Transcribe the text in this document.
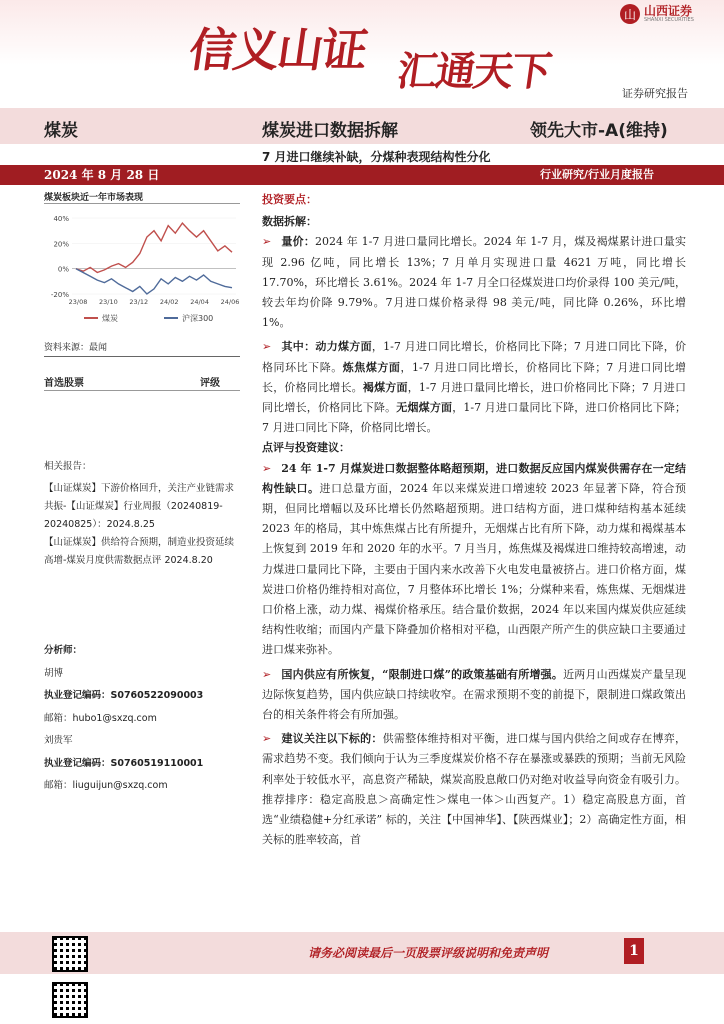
信义山证 汇通天下
山 山西证券
SHANXI SECURITIES
证券研究报告
煤炭	煤炭进口数据拆解	领先大市-A(维持)
7 月进口继续补缺，分煤种表现结构性分化
2024 年 8 月 28 日	行业研究/行业月度报告
煤炭板块近一年市场表现
40%
20%
0%
-20%
23/08 23/10 23/12 24/02 24/04 24/06
煤炭	沪深300
资料来源：最闻
首选股票	评级
相关报告：
【山证煤炭】下游价格回升，关注产业链需求共振-【山证煤炭】行业周报（20240819-20240825）：2024.8.25
【山证煤炭】供给符合预期，制造业投资延续高增-煤炭月度供需数据点评 2024.8.20
分析师：
胡博
执业登记编码：S0760522090003
邮箱：hubo1@sxzq.com
刘贵军
执业登记编码：S0760519110001
邮箱：liuguijun@sxzq.com

投资要点：

数据拆解：

➢ 量价：2024 年 1-7 月进口量同比增长。2024 年 1-7 月，煤及褐煤累计进口量实现 2.96 亿吨，同比增长 13%；7 月单月实现进口量 4621 万吨，同比增长 17.70%，环比增长 3.61%。2024 年 1-7 月全口径煤炭进口均价录得 100 美元/吨，较去年均价降 9.79%。7月进口煤价格录得 98 美元/吨，同比降 0.26%，环比增 1%。

➢ 其中：动力煤方面，1-7 月进口同比增长，价格同比下降；7 月进口同比下降，价格同环比下降。炼焦煤方面，1-7 月进口同比增长，价格同比下降；7 月进口同比增长，价格同比增长。褐煤方面，1-7 月进口量同比增长，进口价格同比下降；7 月进口同比增长，价格同比下降。无烟煤方面，1-7 月进口量同比下降，进口价格同比下降；7 月进口同比下降，价格同比增长。

点评与投资建议：

➢ 24 年 1-7 月煤炭进口数据整体略超预期，进口数据反应国内煤炭供需存在一定结构性缺口。进口总量方面，2024 年以来煤炭进口增速较 2023 年显著下降，符合预期，但同比增幅以及环比增长仍然略超预期。进口结构方面，进口煤种结构基本延续 2023 年的格局，其中炼焦煤占比有所提升，无烟煤占比有所下降，动力煤和褐煤基本上恢复到 2019 年和 2020 年的水平。7 月当月，炼焦煤及褐煤进口维持较高增速，动力煤进口量同比下降，主要由于国内来水改善下火电发电量被挤占。进口价格方面，煤炭进口价格仍维持相对高位，7 月整体环比增长 1%；分煤种来看，炼焦煤、无烟煤进口价格上涨，动力煤、褐煤价格承压。结合量价数据，2024 年以来国内煤炭供应延续结构性收缩；而国内产量下降叠加价格相对平稳，山西限产所产生的供应缺口主要通过进口煤来弥补。

➢ 国内供应有所恢复，“限制进口煤”的政策基础有所增强。近两月山西煤炭产量呈现边际恢复趋势，国内供应缺口持续收窄。在需求预期不变的前提下，限制进口煤政策出台的相关条件将会有所加强。

➢ 建议关注以下标的：供需整体维持相对平衡，进口煤与国内供给之间或存在博弈，需求趋势不变。我们倾向于认为三季度煤炭价格不存在暴涨或暴跌的预期；当前无风险利率处于较低水平，高息资产稀缺，煤炭高股息敞口仍对绝对收益导向资金有吸引力。推荐排序：稳定高股息＞高确定性＞煤电一体＞山西复产。1）稳定高股息方面，首选“业绩稳健+分红承诺” 标的，关注【中国神华】、【陕西煤业】；2）高确定性方面，相关标的胜率较高，首

请务必阅读最后一页股票评级说明和免责声明	1
